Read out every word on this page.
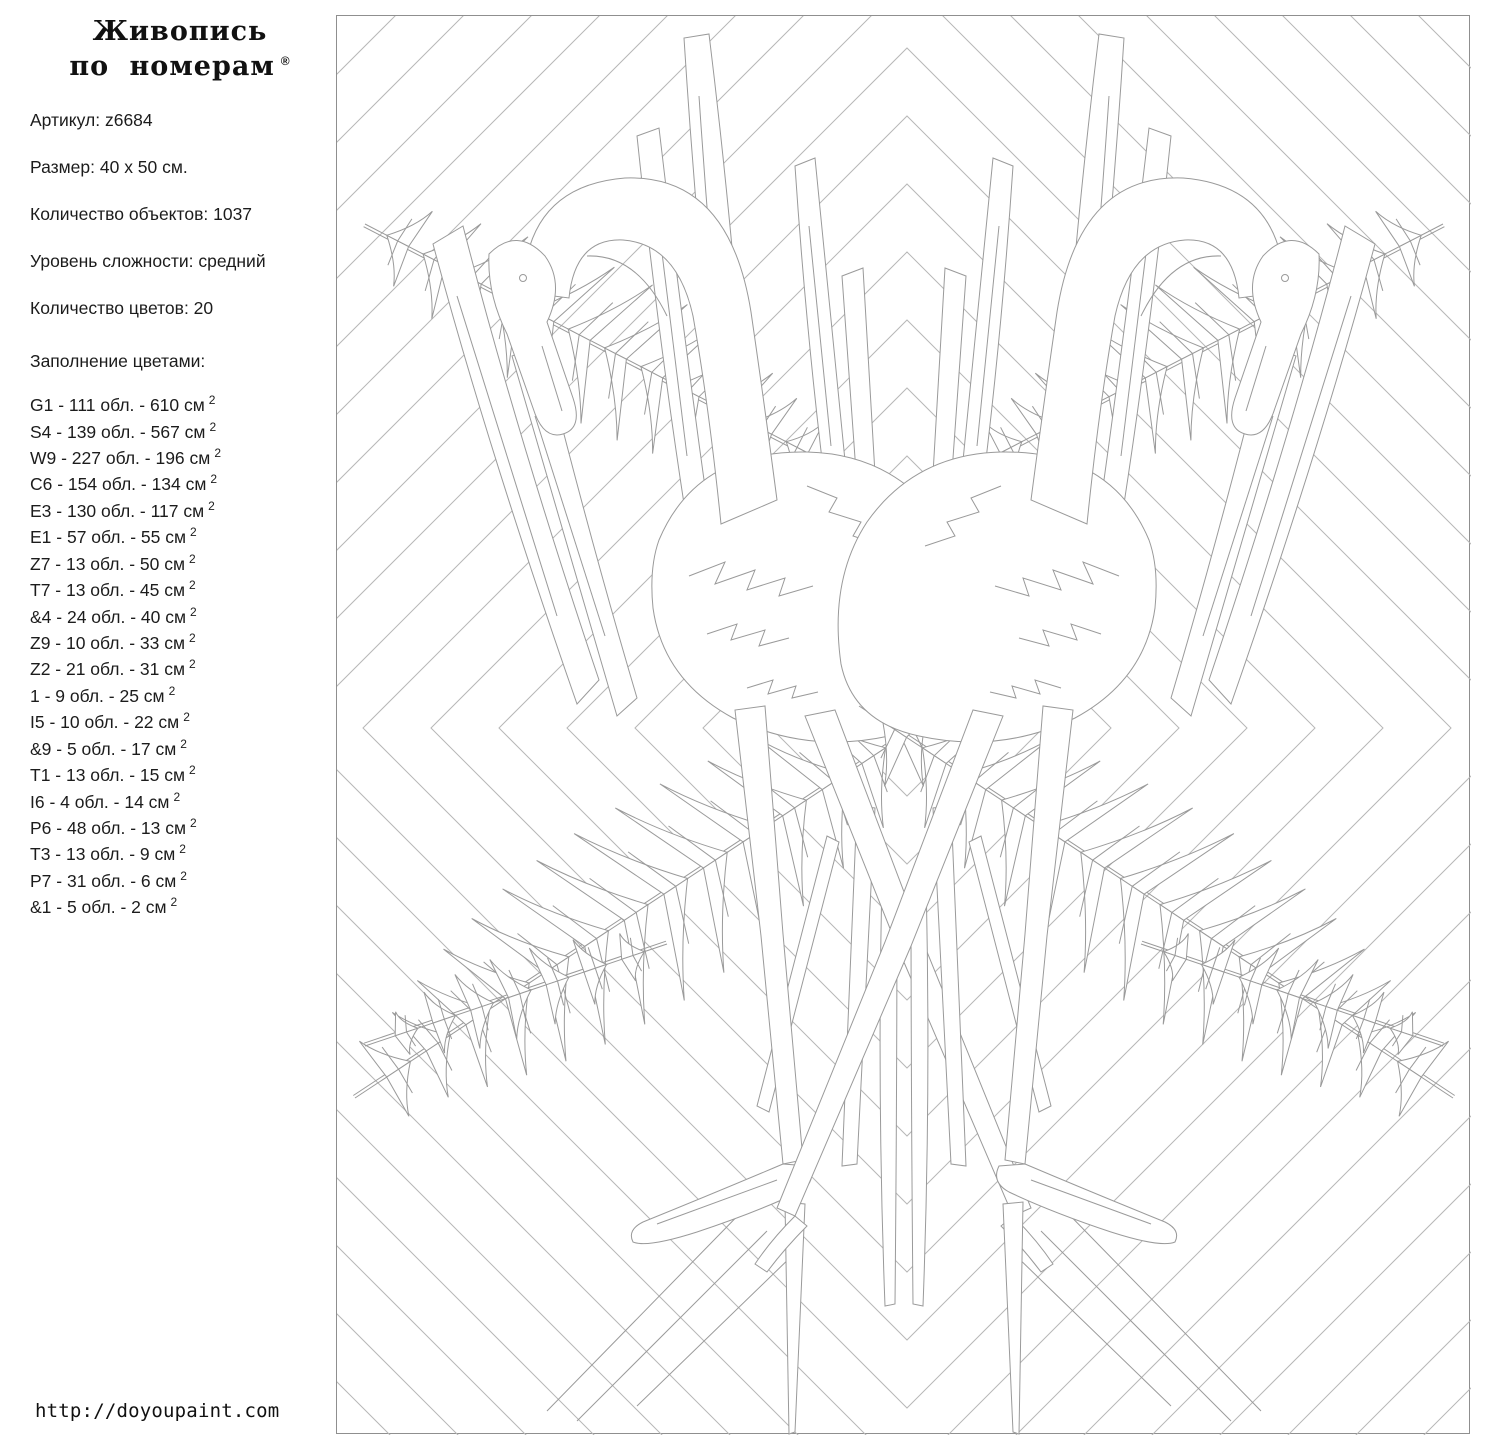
Живопись
по номерам ®
Артикул: z6684
Размер: 40 х 50 см.
Количество объектов: 1037
Уровень сложности: средний
Количество цветов: 20
Заполнение цветами:
G1 - 111 обл. - 610 см $^2$
S4 - 139 обл. - 567 см $^2$
W9 - 227 обл. - 196 см $^2$
C6 - 154 обл. - 134 см $^2$
E3 - 130 обл. - 117 см $^2$
E1 - 57 обл. - 55 см $^2$
Z7 - 13 обл. - 50 см $^2$
T7 - 13 обл. - 45 см $^2$
&4 - 24 обл. - 40 см $^2$
Z9 - 10 обл. - 33 см $^2$
Z2 - 21 обл. - 31 см $^2$
1 - 9 обл. - 25 см $^2$
I5 - 10 обл. - 22 см $^2$
&9 - 5 обл. - 17 см $^2$
T1 - 13 обл. - 15 см $^2$
I6 - 4 обл. - 14 см $^2$
P6 - 48 обл. - 13 см $^2$
T3 - 13 обл. - 9 см $^2$
P7 - 31 обл. - 6 см $^2$
&1 - 5 обл. - 2 см $^2$
http://doyoupaint.com
